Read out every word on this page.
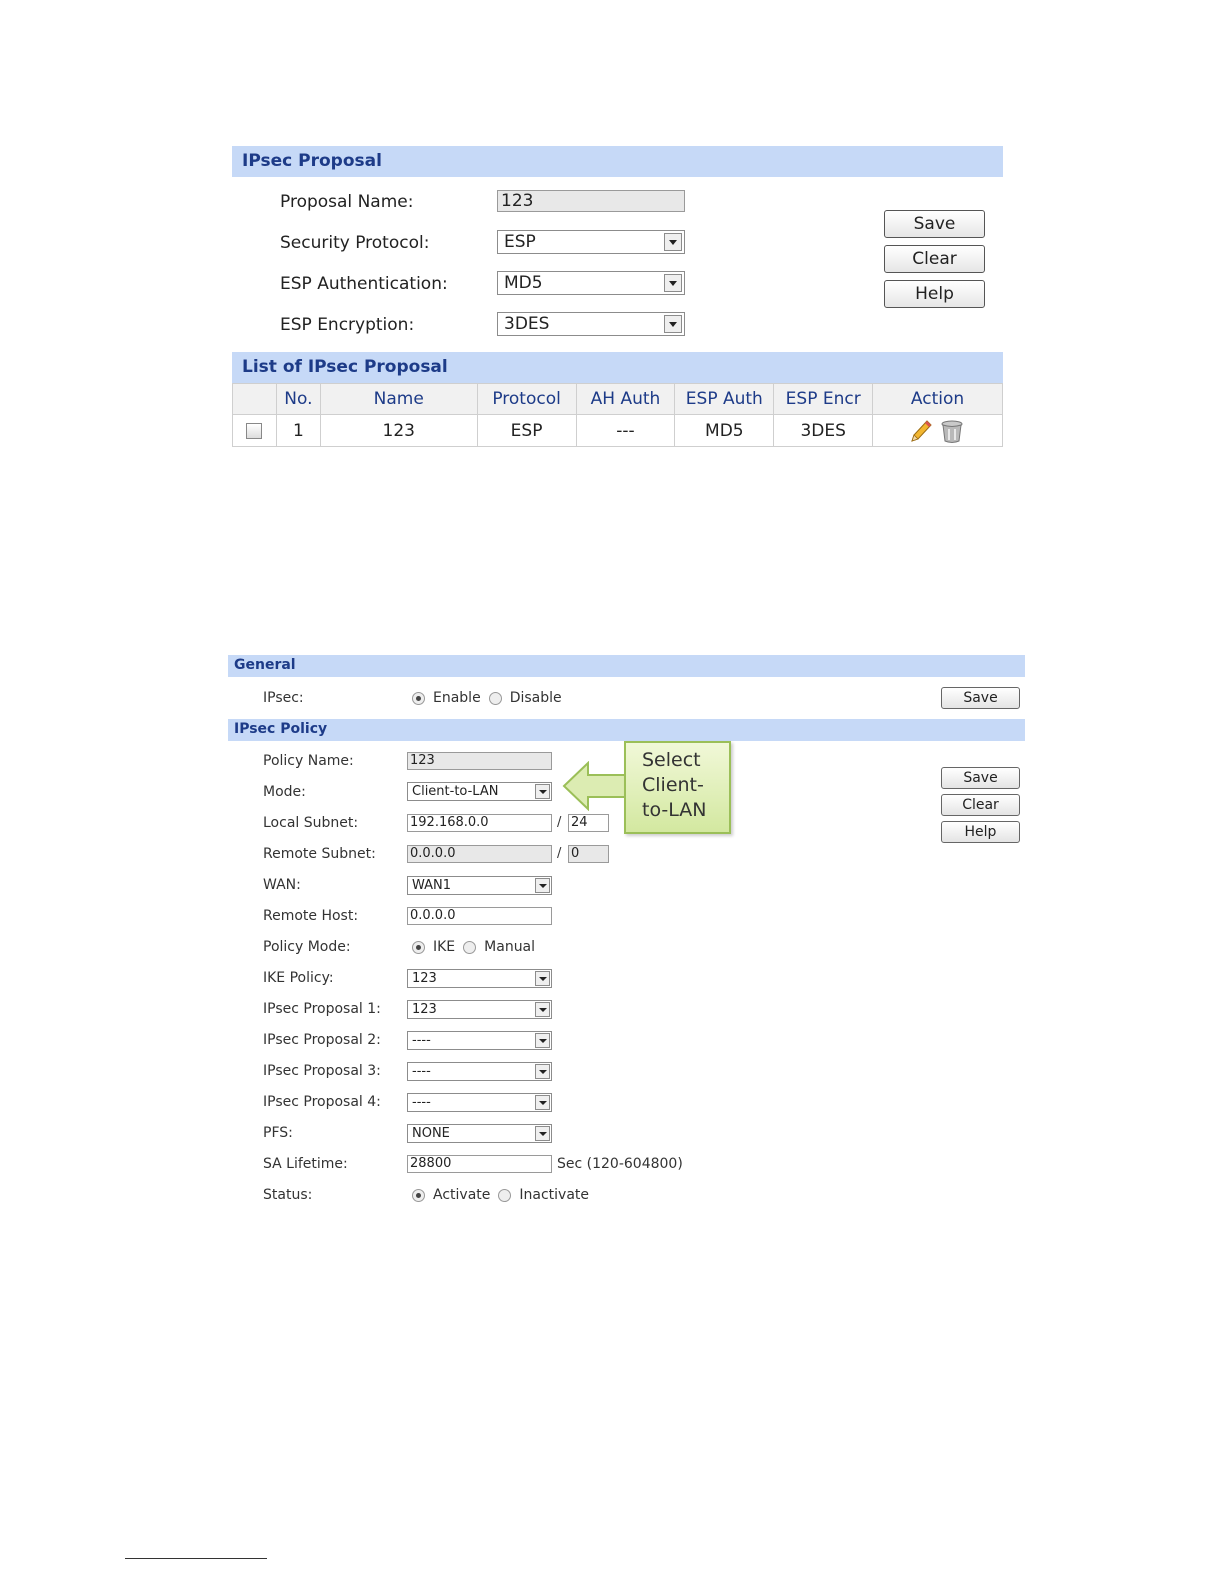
IPsec Proposal
Proposal Name:	123
Security Protocol:	ESP
ESP Authentication:	MD5
ESP Encryption:	3DES
Save
Clear
Help
List of IPsec Proposal
	No.	Name	Protocol	AH Auth	ESP Auth	ESP Encr	Action
	1	123	ESP	---	MD5	3DES	
General
IPsec:	Enable Disable	Save
IPsec Policy
Policy Name:	123
Mode:	Client-to-LAN
Local Subnet:	192.168.0.0	/ 24
Remote Subnet:	0.0.0.0	/ 0
WAN:	WAN1
Remote Host:	0.0.0.0
Policy Mode:	IKE Manual
IKE Policy:	123
IPsec Proposal 1:	123
IPsec Proposal 2:	----
IPsec Proposal 3:	----
IPsec Proposal 4:	----
PFS:	NONE
SA Lifetime:	28800	Sec (120-604800)
Status:	Activate Inactivate
Save
Clear
Help
Select
Client-
to-LAN
